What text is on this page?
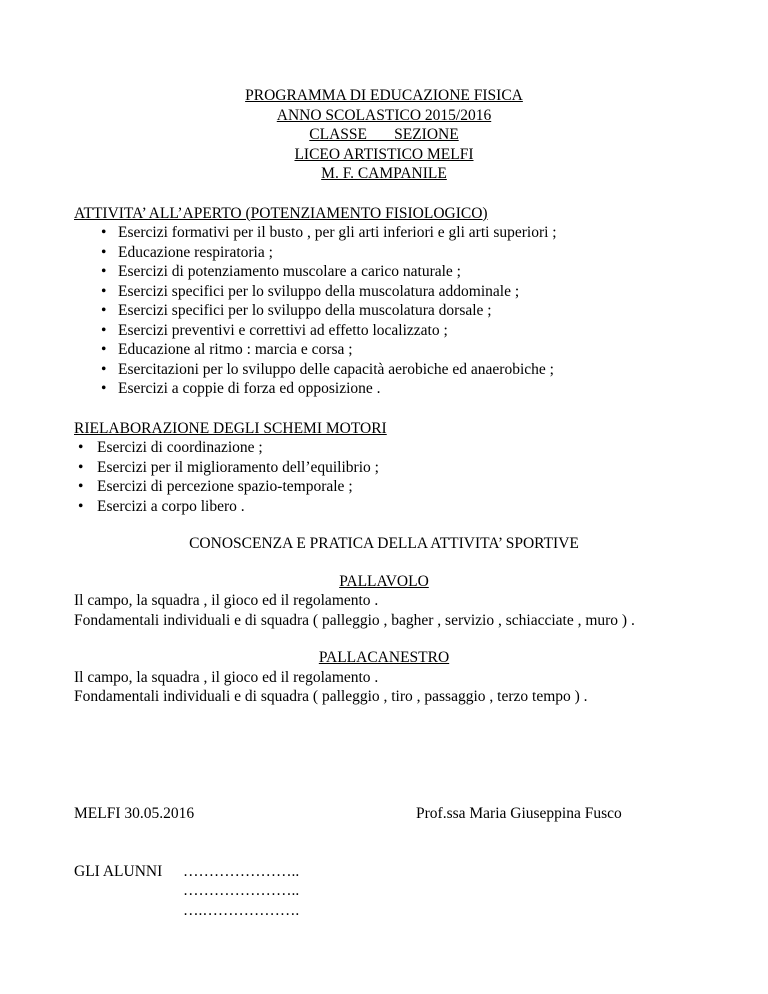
PROGRAMMA DI EDUCAZIONE FISICA
ANNO SCOLASTICO 2015/2016
CLASSE       SEZIONE
LICEO ARTISTICO MELFI
M. F. CAMPANILE
ATTIVITA’ ALL’APERTO (POTENZIAMENTO FISIOLOGICO)
• Esercizi formativi per il busto , per gli arti inferiori e gli arti superiori ;
• Educazione respiratoria ;
• Esercizi di potenziamento muscolare a carico naturale ;
• Esercizi specifici per lo sviluppo della muscolatura addominale ;
• Esercizi specifici per lo sviluppo della muscolatura dorsale ;
• Esercizi preventivi e correttivi ad effetto localizzato ;
• Educazione al ritmo : marcia e corsa ;
• Esercitazioni per lo sviluppo delle capacità aerobiche ed anaerobiche ;
• Esercizi a coppie di forza ed opposizione .
RIELABORAZIONE DEGLI SCHEMI MOTORI
• Esercizi di coordinazione ;
• Esercizi per il miglioramento dell’equilibrio ;
• Esercizi di percezione spazio-temporale ;
• Esercizi a corpo libero .
CONOSCENZA E PRATICA DELLA ATTIVITA’ SPORTIVE
PALLAVOLO
Il campo, la squadra , il gioco ed il regolamento .
Fondamentali individuali e di squadra ( palleggio , bagher , servizio , schiacciate , muro ) .
PALLACANESTRO
Il campo, la squadra , il gioco ed il regolamento .
Fondamentali individuali e di squadra ( palleggio , tiro , passaggio , terzo tempo ) .
MELFI 30.05.2016	Prof.ssa Maria Giuseppina Fusco
GLI ALUNNI …………………..
…………………..
….……………….
